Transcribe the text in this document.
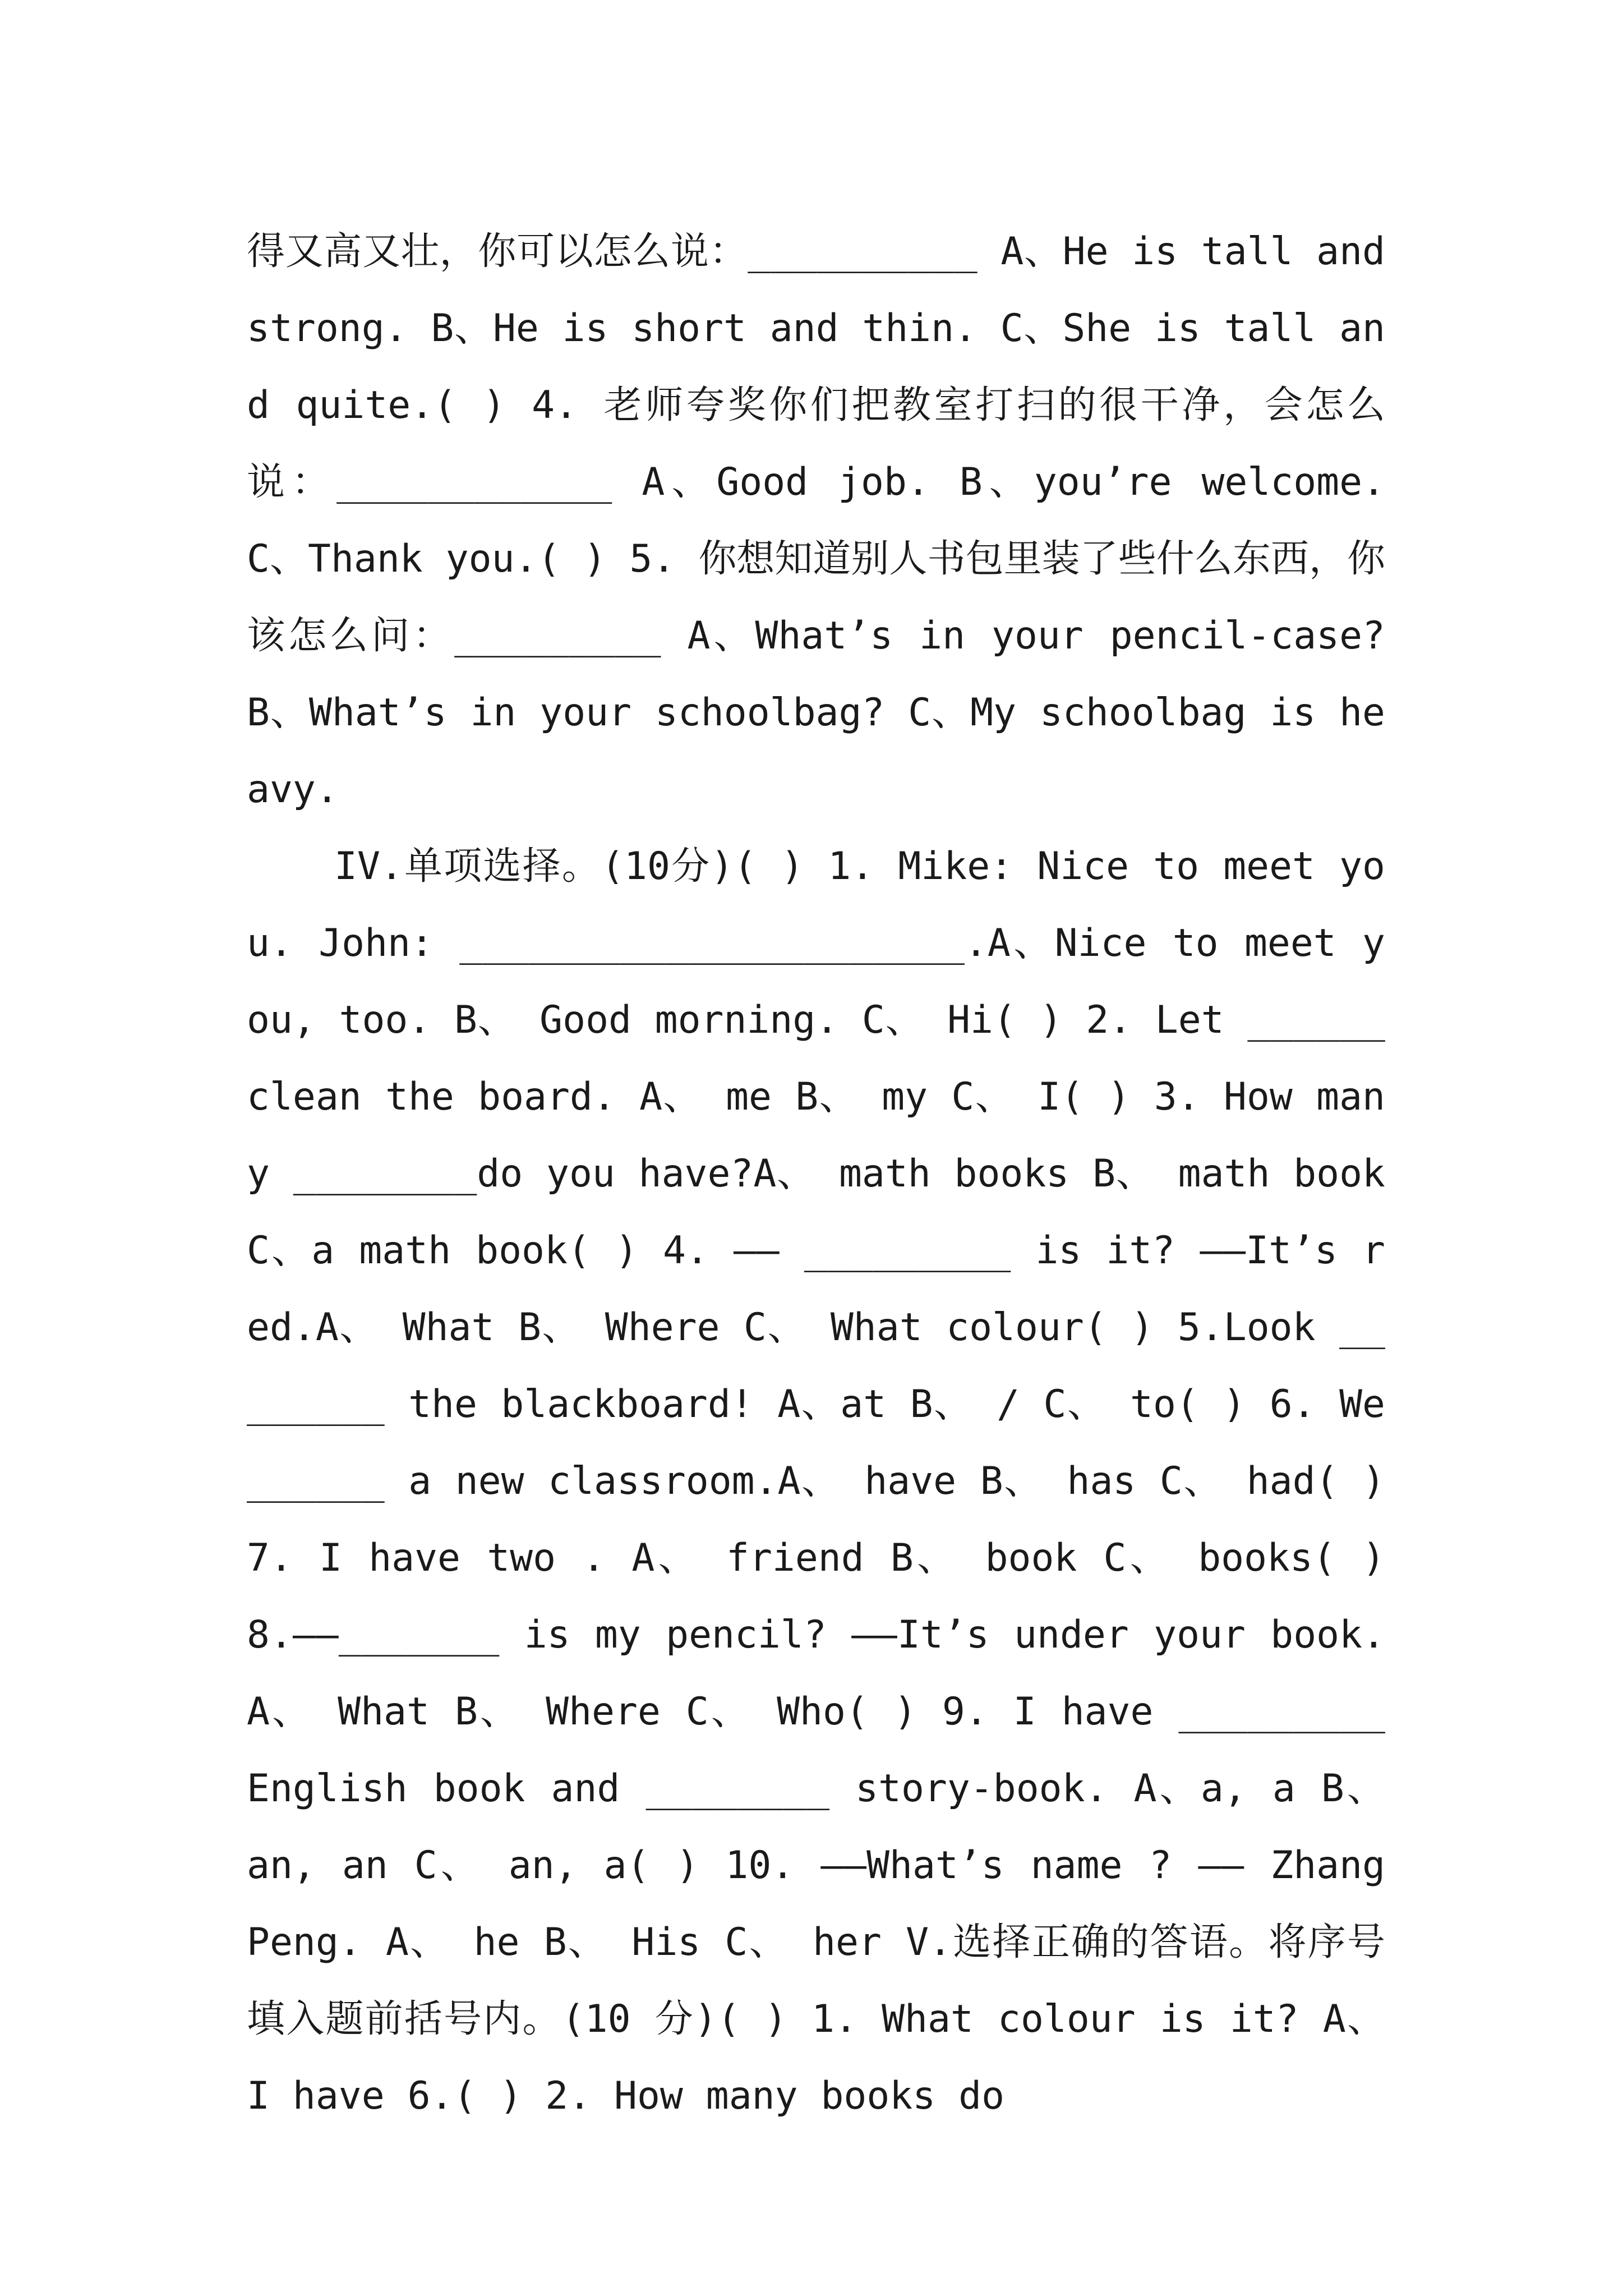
得又高又壮，你可以怎么说：__________ A、He is tall and strong. B、He is short and thin. C、She is tall and quite.( ) 4. 老师夸奖你们把教室打扫的很干净，会怎么说：____________ A、Good job. B、you’re welcome. C、Thank you.( ) 5. 你想知道别人书包里装了些什么东西，你该怎么问：_________ A、What’s in your pencil-case? B、What’s in your schoolbag? C、My schoolbag is heavy.

IV.单项选择。(10分)( ) 1. Mike: Nice to meet you. John: ______________________.A、Nice to meet you, too. B、 Good morning. C、 Hi( ) 2. Let ______clean the board. A、 me B、 my C、 I( ) 3. How many ________do you have?A、 math books B、 math book C、a math book( ) 4. —— _________ is it? ——It’s red.A、 What B、 Where C、 What colour( ) 5.Look ________ the blackboard! A、at B、 / C、 to( ) 6. We ______ a new classroom.A、 have B、 has C、 had( ) 7. I have two . A、 friend B、 book C、 books( ) 8.——_______ is my pencil? ——It’s under your book. A、 What B、 Where C、 Who( ) 9. I have _________ English book and ________ story-book. A、a, a B、 an, an C、 an, a( ) 10. ——What’s name ? —— Zhang Peng. A、 he B、 His C、 her V.选择正确的答语。将序号填入题前括号内。(10 分)( ) 1. What colour is it? A、I have 6.( ) 2. How many books do
